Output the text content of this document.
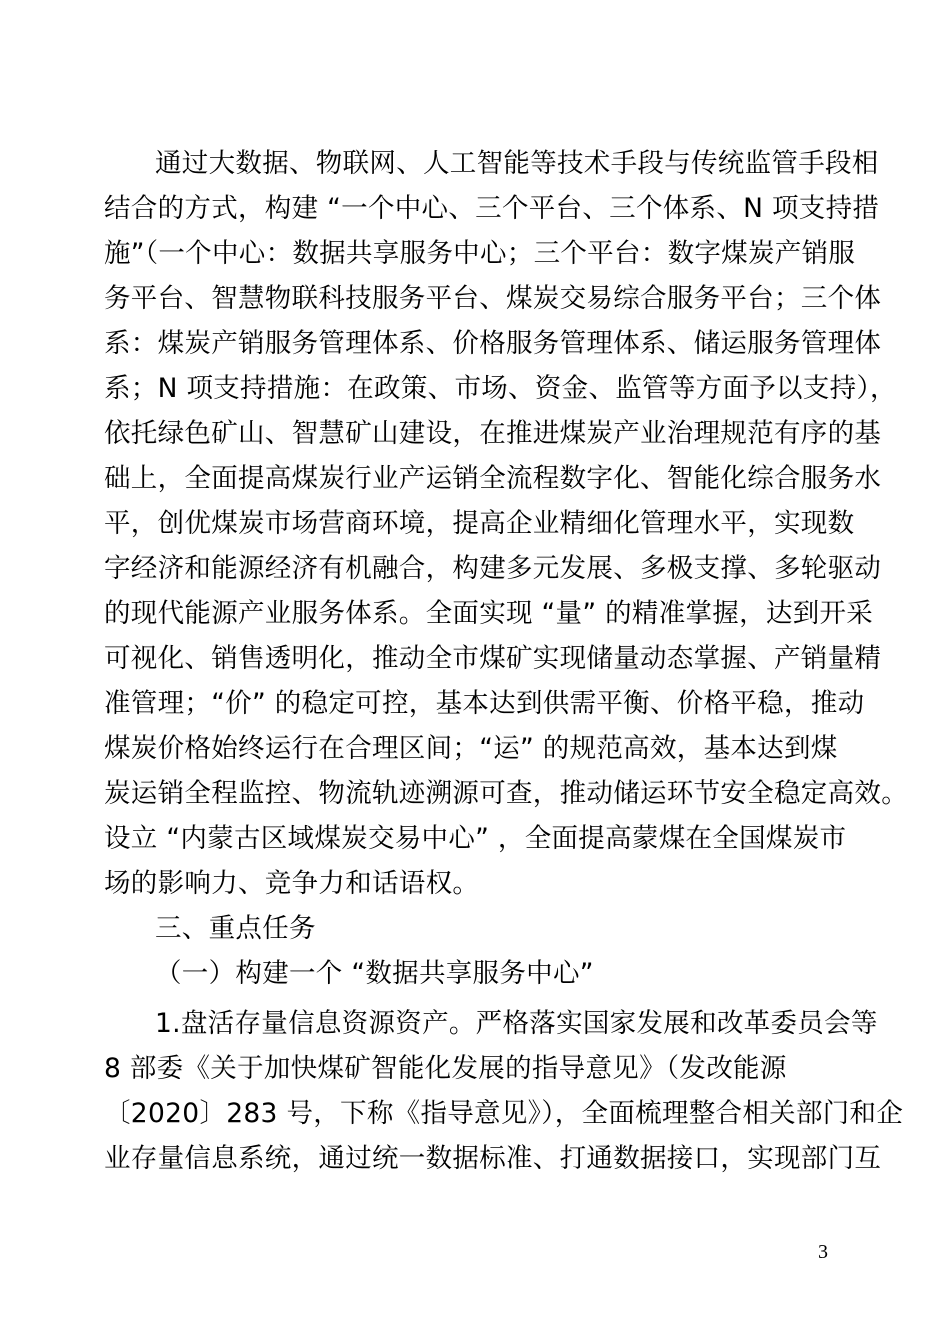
通过大数据、物联网、人工智能等技术手段与传统监管手段相
结合的方式，构建 “一个中心、三个平台、三个体系、N 项支持措
施”（一个中心：数据共享服务中心；三个平台：数字煤炭产销服
务平台、智慧物联科技服务平台、煤炭交易综合服务平台；三个体
系：煤炭产销服务管理体系、价格服务管理体系、储运服务管理体
系；N 项支持措施：在政策、市场、资金、监管等方面予以支持），
依托绿色矿山、智慧矿山建设，在推进煤炭产业治理规范有序的基
础上，全面提高煤炭行业产运销全流程数字化、智能化综合服务水
平，创优煤炭市场营商环境，提高企业精细化管理水平，实现数
字经济和能源经济有机融合，构建多元发展、多极支撑、多轮驱动
的现代能源产业服务体系。全面实现 “量” 的精准掌握，达到开采
可视化、销售透明化，推动全市煤矿实现储量动态掌握、产销量精
准管理；“价” 的稳定可控，基本达到供需平衡、价格平稳，推动
煤炭价格始终运行在合理区间；“运” 的规范高效，基本达到煤
炭运销全程监控、物流轨迹溯源可查，推动储运环节安全稳定高效。
设立 “内蒙古区域煤炭交易中心” ，全面提高蒙煤在全国煤炭市
场的影响力、竞争力和话语权。
三、重点任务
（一）构建一个 “数据共享服务中心”
1.盘活存量信息资源资产。严格落实国家发展和改革委员会等
8 部委《关于加快煤矿智能化发展的指导意见》（发改能源
〔2020〕283 号，下称《指导意见》），全面梳理整合相关部门和企
业存量信息系统，通过统一数据标准、打通数据接口，实现部门互
3
